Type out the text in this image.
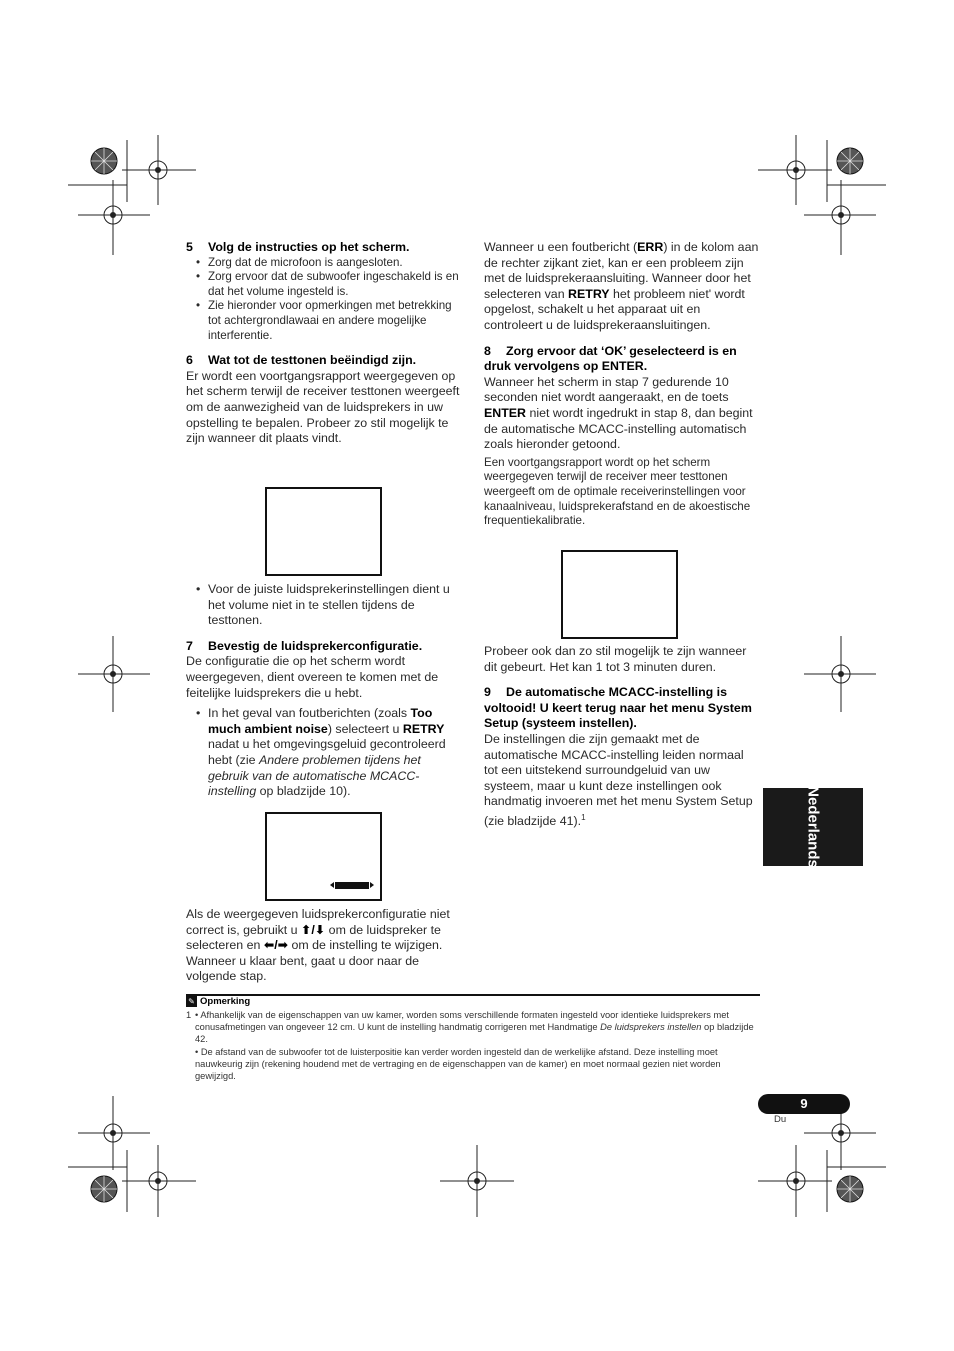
5 Volg de instructies op het scherm.

• Zorg dat de microfoon is aangesloten.

• Zorg ervoor dat de subwoofer ingeschakeld is en dat het volume ingesteld is.

• Zie hieronder voor opmerkingen met betrekking tot achtergrondlawaai en andere mogelijke interferentie.

6 Wat tot de testtonen beëindigd zijn.

Er wordt een voortgangsrapport weergegeven op het scherm terwijl de receiver testtonen weergeeft om de aanwezigheid van de luidsprekers in uw opstelling te bepalen. Probeer zo stil mogelijk te zijn wanneer dit plaats vindt.

• Voor de juiste luidsprekerinstellingen dient u het volume niet in te stellen tijdens de testtonen.

7 Bevestig de luidsprekerconfiguratie.

De configuratie die op het scherm wordt weergegeven, dient overeen te komen met de feitelijke luidsprekers die u hebt.

• In het geval van foutberichten (zoals Too much ambient noise) selecteert u RETRY nadat u het omgevingsgeluid gecontroleerd hebt (zie Andere problemen tijdens het gebruik van de automatische MCACC-instelling op bladzijde 10).

Als de weergegeven luidsprekerconfiguratie niet correct is, gebruikt u ⬆/⬇ om de luidspreker te selecteren en ⬅/➡ om de instelling te wijzigen. Wanneer u klaar bent, gaat u door naar de volgende stap.

Wanneer u een foutbericht (ERR) in de kolom aan de rechter zijkant ziet, kan er een probleem zijn met de luidsprekeraansluiting. Wanneer door het selecteren van RETRY het probleem niet' wordt opgelost, schakelt u het apparaat uit en controleert u de luidsprekeraansluitingen.

8 Zorg ervoor dat ‘OK’ geselecteerd is en druk vervolgens op ENTER.

Wanneer het scherm in stap 7 gedurende 10 seconden niet wordt aangeraakt, en de toets ENTER niet wordt ingedrukt in stap 8, dan begint de automatische MCACC-instelling automatisch zoals hieronder getoond.

Een voortgangsrapport wordt op het scherm weergegeven terwijl de receiver meer testtonen weergeeft om de optimale receiverinstellingen voor kanaalniveau, luidsprekerafstand en de akoestische frequentiekalibratie.

Probeer ook dan zo stil mogelijk te zijn wanneer dit gebeurt. Het kan 1 tot 3 minuten duren.

9 De automatische MCACC-instelling is voltooid! U keert terug naar het menu System Setup (systeem instellen).

De instellingen die zijn gemaakt met de automatische MCACC-instelling leiden normaal tot een uitstekend surroundgeluid van uw systeem, maar u kunt deze instellingen ook handmatig invoeren met het menu System Setup (zie bladzijde 41).$^1$

✎ Opmerking

1 • Afhankelijk van de eigenschappen van uw kamer, worden soms verschillende formaten ingesteld voor identieke luidsprekers met conusafmetingen van ongeveer 12 cm. U kunt de instelling handmatig corrigeren met Handmatige De luidsprekers instellen op bladzijde 42.

• De afstand van de subwoofer tot de luisterpositie kan verder worden ingesteld dan de werkelijke afstand. Deze instelling moet nauwkeurig zijn (rekening houdend met de vertraging en de eigenschappen van de kamer) en moet normaal gezien niet worden gewijzigd.

Nederlands
9
Du
